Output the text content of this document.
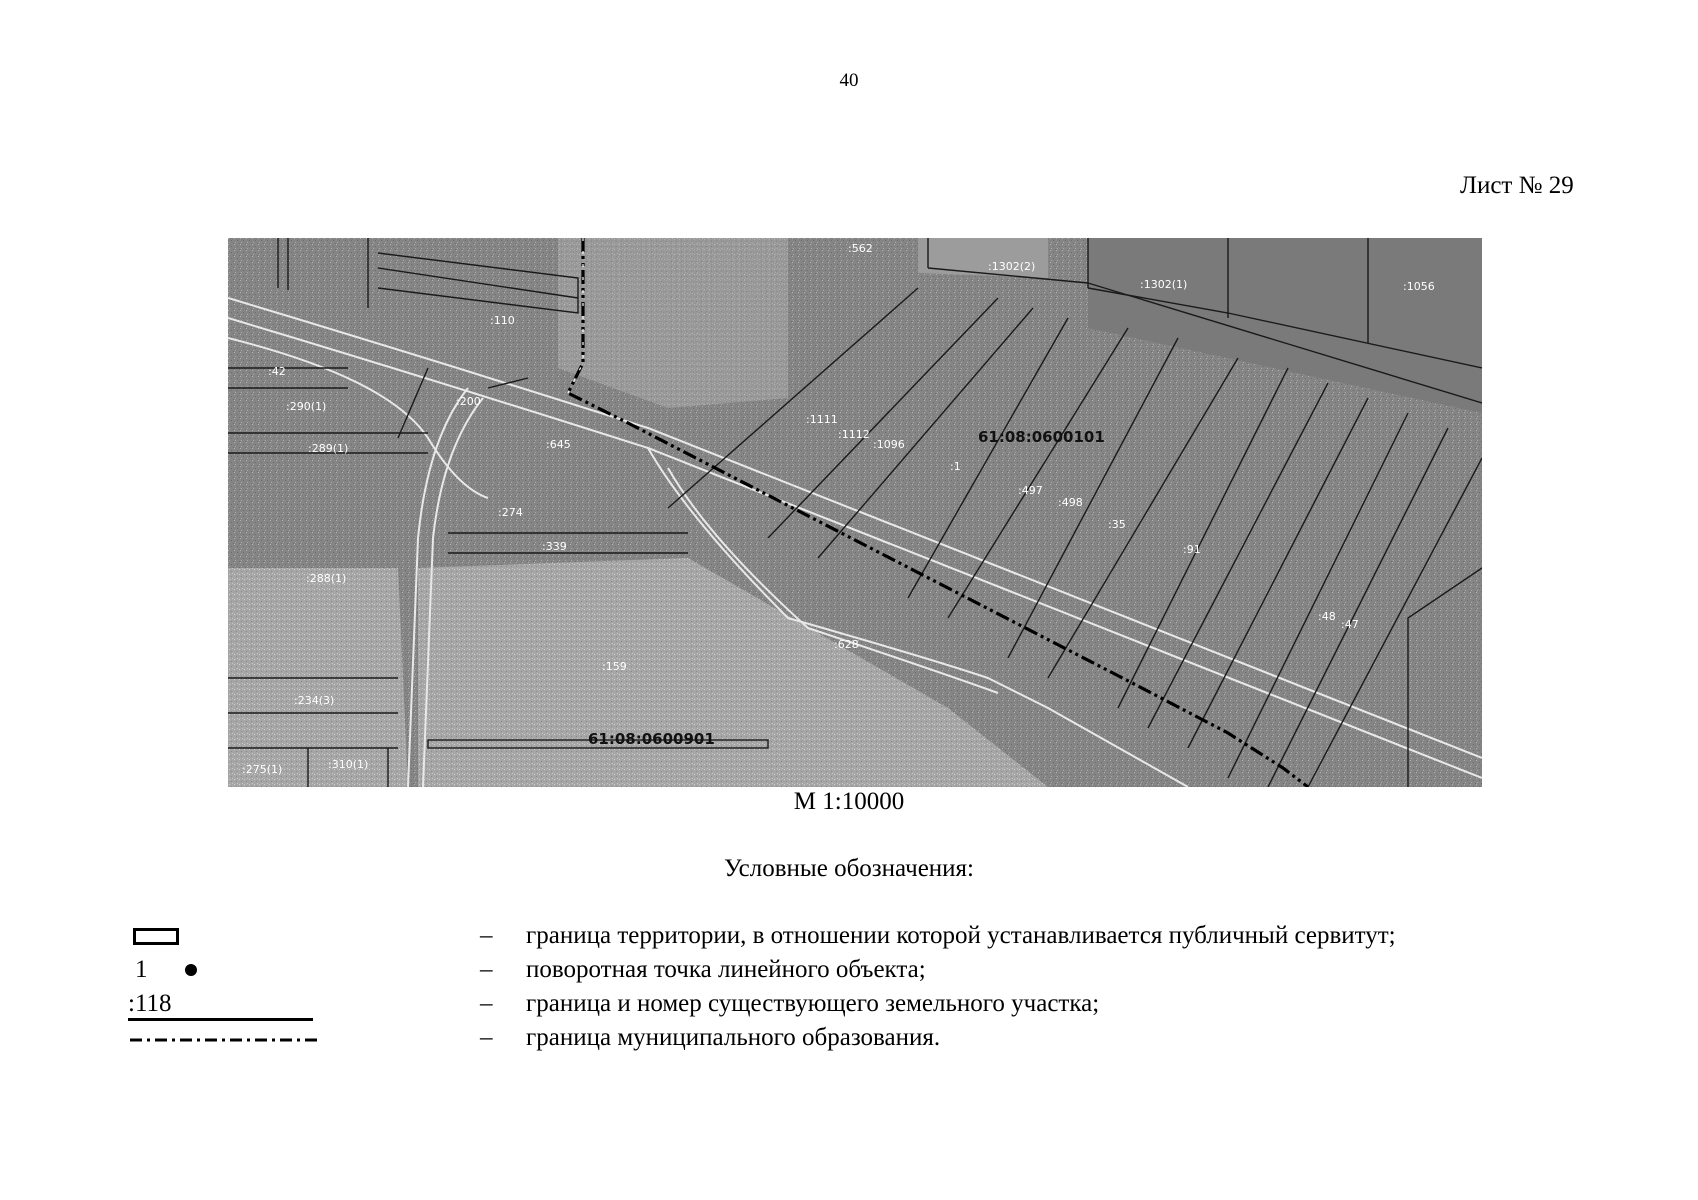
40
Лист № 29
:562
:1302(2)
:1302(1)	:1056
:110
:42
:290(1)	:200
:289(1)	:645
:1111
:1112
:1096
:1
:274
:497
:498
:35
:339	:91
:288(1)
:48
:47
:628
:159
:234(3)
:275(1)	:310(1)
61:08:0600101
61:08:0600901
М 1:10000
Условные обозначения:
– граница территории, в отношении которой устанавливается публичный сервитут;
1	– поворотная точка линейного объекта;
:118	– граница и номер существующего земельного участка;
– граница муниципального образования.
